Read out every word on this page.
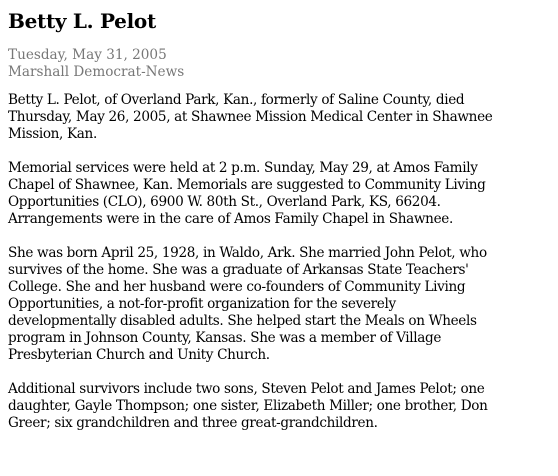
Betty L. Pelot
Tuesday, May 31, 2005
Marshall Democrat-News

Betty L. Pelot, of Overland Park, Kan., formerly of Saline County, died
Thursday, May 26, 2005, at Shawnee Mission Medical Center in Shawnee
Mission, Kan.

Memorial services were held at 2 p.m. Sunday, May 29, at Amos Family
Chapel of Shawnee, Kan. Memorials are suggested to Community Living
Opportunities (CLO), 6900 W. 80th St., Overland Park, KS, 66204.
Arrangements were in the care of Amos Family Chapel in Shawnee.

She was born April 25, 1928, in Waldo, Ark. She married John Pelot, who
survives of the home. She was a graduate of Arkansas State Teachers'
College. She and her husband were co-founders of Community Living
Opportunities, a not-for-profit organization for the severely
developmentally disabled adults. She helped start the Meals on Wheels
program in Johnson County, Kansas. She was a member of Village
Presbyterian Church and Unity Church.

Additional survivors include two sons, Steven Pelot and James Pelot; one
daughter, Gayle Thompson; one sister, Elizabeth Miller; one brother, Don
Greer; six grandchildren and three great-grandchildren.
